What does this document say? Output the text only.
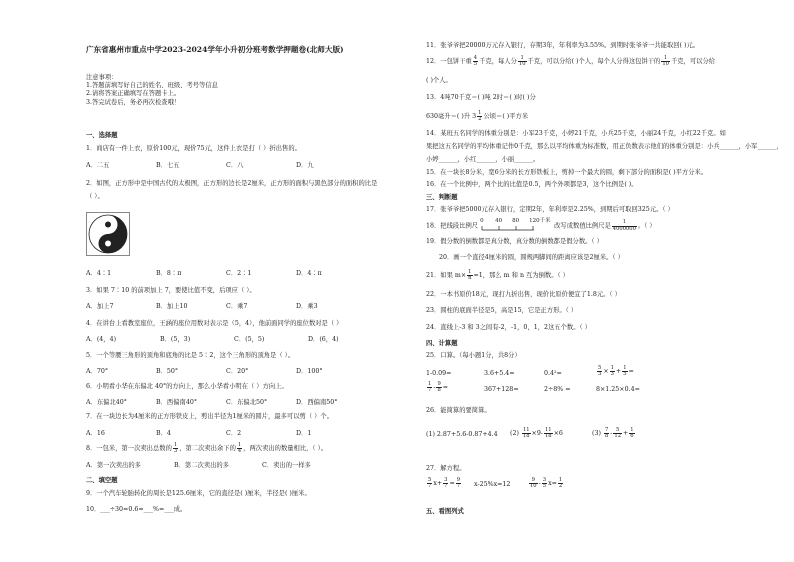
广东省惠州市重点中学2023-2024学年小升初分班考数学押题卷(北师大版)
注意事项：
1.答题前填写好自己的姓名、班级、考号等信息
2.请将答案正确填写在答题卡上。
3.答完试卷后，务必再次检查哦！
一、选择题
1．商店有一件上衣，原价100元，现价75元，这件上衣是打（ ）折出售的。
A．二五	B．七五	C．八	D．九
2．如图，正方形中是中国古代的太极图，正方形的边长是2厘米，正方形的面积与黑色部分的面积的比是
（ ）。
A．4∶1	B．8∶π	C．2∶1	D．4∶π
3．如果 7∶10 的前项加上 7，要使比值不变，后项应（ ）。
A．加上7	B．加上10	C．乘7	D．乘3
4．在讲台上看教室座位，王涵的座位用数对表示是（5，4），他前面同学的座位数对是（ ）
A．(4，4)	B．(5，3)	C．(5，5)	D．(6，4)
5．一个等腰三角形的顶角和底角的比是 5∶2，这个三角形的顶角是（ ）。
A．70°	B．50°	C．20°	D．100°
6．小明看小华在东偏北 40°的方向上，那么小华看小明在（ ）方向上。
A．东偏北40°	B．西偏南40°	C．东偏北50°	D．西偏南50°
7．在一块边长为4厘米的正方形铁皮上，剪出半径为1厘米的圆片，最多可以剪（ ）个。
A．16	B．4	C．2	D．1
8．一包米，第一次卖出总数的 $\frac{1}{3}$ ，第二次卖出余下的 $\frac{1}{4}$ ，两次卖出的数量相比，（ ）。
A．第一次卖出的多	B．第二次卖出的多	C．卖出的一样多
二、填空题
9．一个汽车轮胎转化的周长是125.6厘米，它的直径是( )厘米，半径是( )厘米。
10．___÷30=0.6=___%=___成。
11．张爷爷把20000万元存入银行，存期3年，年利率为3.55%。到期时张爷爷一共能取回( )元。
12．一包饼干重 $\frac{4}{5}$ 千克，每人分 $\frac{1}{10}$ 千克，可以分给( )个人，每个人分得这包饼干的 $\frac{1}{10}$ 千克，可以分给
( )个人。
13．4吨70千克＝( )吨 2时＝( )时( )分
630毫升＝( )升 $3 \frac{1}{2}$ 公顷＝( )平方米
14．某班五名同学的体重分别是：小军23千克，小婷21千克，小兵25千克，小丽24千克，小红22千克。如
果把这五名同学的平均体重记作0千克，那么以平均体重为标准数，用正负数表示他们的体重分别是：小兵______，小军______，
小婷______，小红______，小丽______。
15．在一块长8分米，宽6分米的长方形铁板上，剪掉一个最大的圆，剩下部分的面积是( )平方分米。
16．在一个比例中，两个比的比值是0.5，两个外项都是3，这个比例是( )。
三、判断题
17．张爷爷把5000元存入银行，定期2年，年利率是2.25%，到期后可取回325元。（ ）
18．把线段比例尺
0 40 80 120千米
改写成数值比例尺是 $\frac{1}{4000000}$ 。（ ）
19．假分数的倒数都是真分数，真分数的倒数都是假分数。（ ）
20．画一个直径4厘米的圆，圆规两脚间的距离应该是2厘米。（ ）
21．如果 $m\times \frac{1}{n} =1$，那么 m 和 n 互为倒数。（ ）
22．一本书原价18元，现打九折出售，现价比原价便宜了1.8元。（ ）
23．圆柱的底面半径是5，高是15，它是正方形。（ ）
24．直线上-3 和 3之间有-2，-1，0，1，2这五个数。（ ）
四、计算题
25．口算。（每小题1分，共8分）
1-0.09=	3.6+5.4=	0.4²=	$\frac{5}{3} \times \frac{1}{3} + \frac{1}{5}$ =
$\frac{1}{7} - \frac{9}{8}$ =	367+128=	2÷8% =	8×1.25×0.4=
26．能简算的要简算。
(1) 2.87+5.6-0.87+4.4 $(2) \frac{11}{18} \times 9- \frac{11}{18} \times 6$	$(3) \frac{7}{8} - \frac{5}{12} + \frac{1}{6}$
27．解方程。
$\frac{5}{7} x+ \frac{3}{7} = \frac{9}{7} x-25\%x=12$	$\frac{9}{10} - \frac{3}{5} x= \frac{1}{2}$
五、看图列式
